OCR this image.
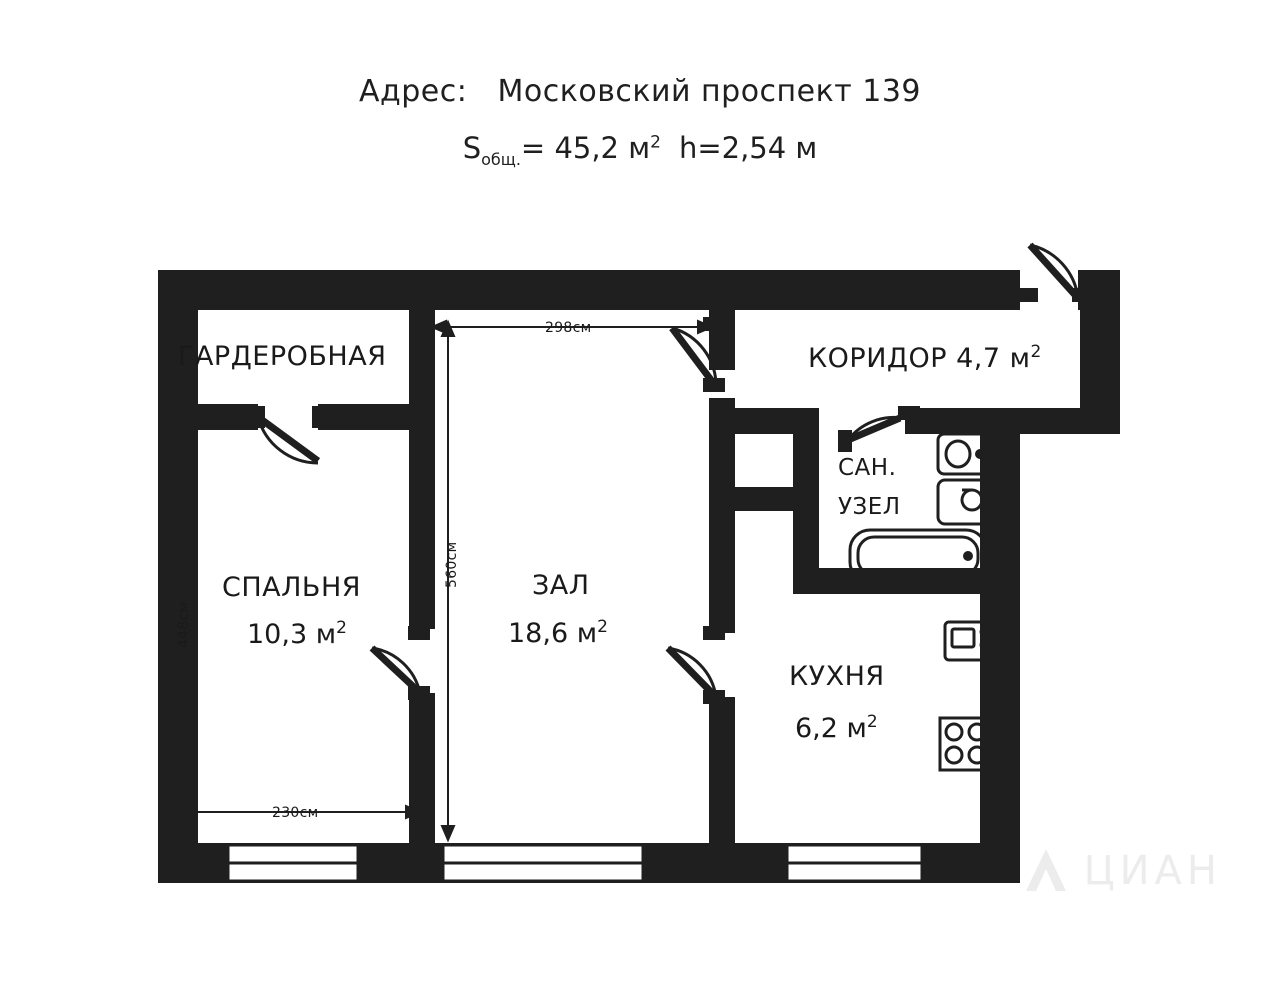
Адрес: Московский проспект 139
$S_{общ.}= 45,2$ $м^2$ h=2,54 м
ГАРДЕРОБНАЯ	КОРИДОР 4,7 $м^2$
САН.
УЗЕЛ
СПАЛЬНЯ
10,3 $м^2$
ЗАЛ
18,6 $м^2$
КУХНЯ
6,2 $м^2$
298см
560см
448см
230см
ЦИАН
